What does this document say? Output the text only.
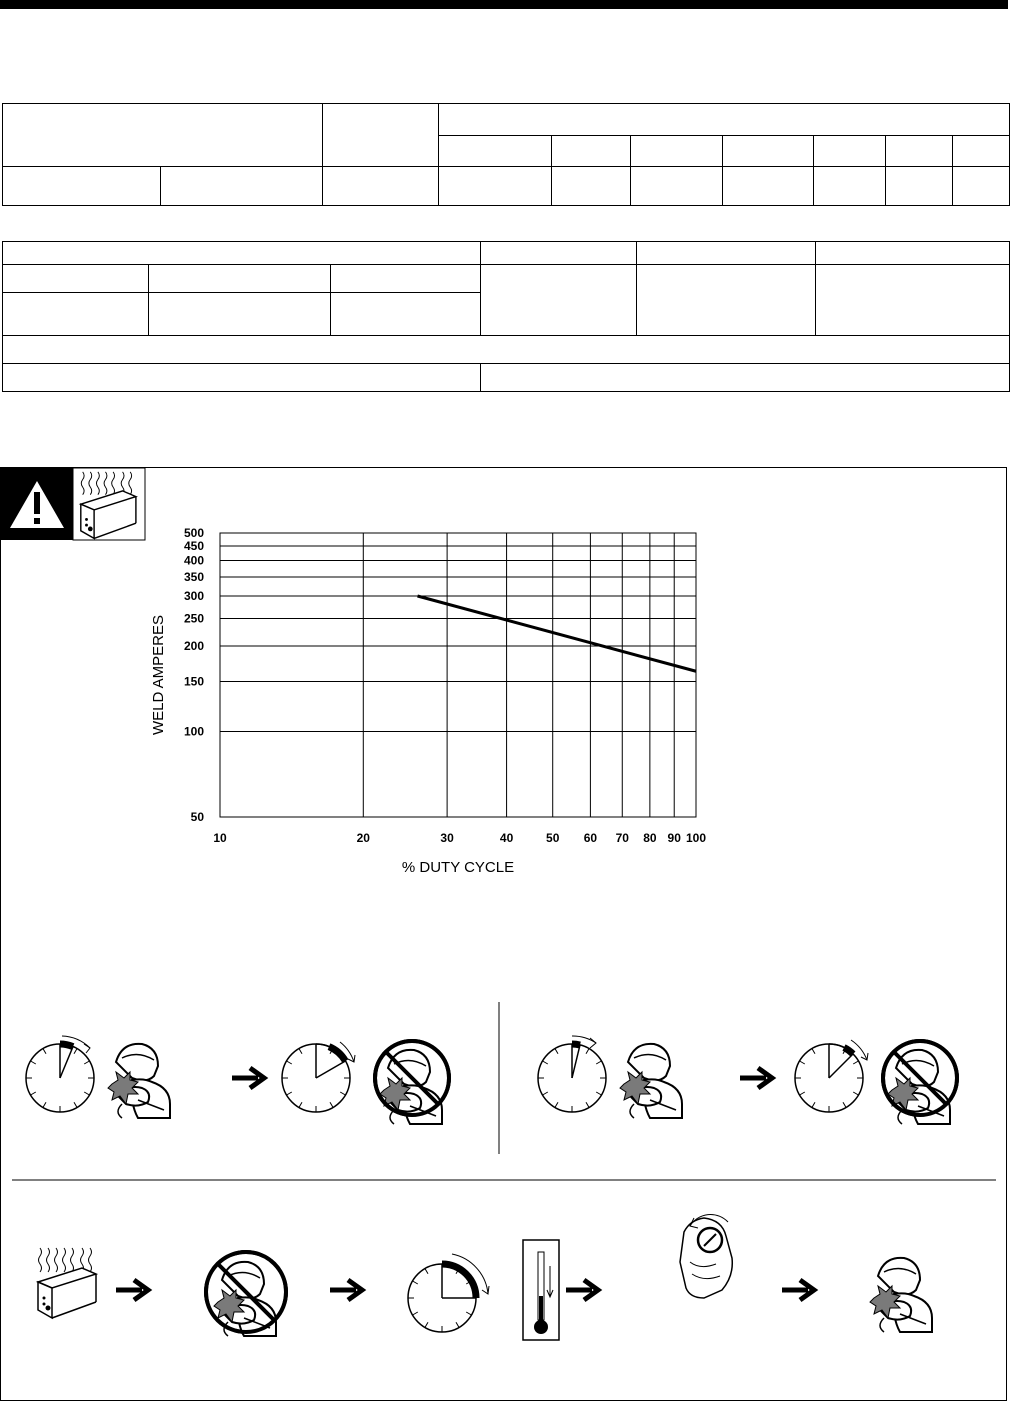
WELD AMPERES
% DUTY CYCLE
10	20	30	40	50 60 70 80 90 100
50
100
150
200
250
300
350
400
450
500
